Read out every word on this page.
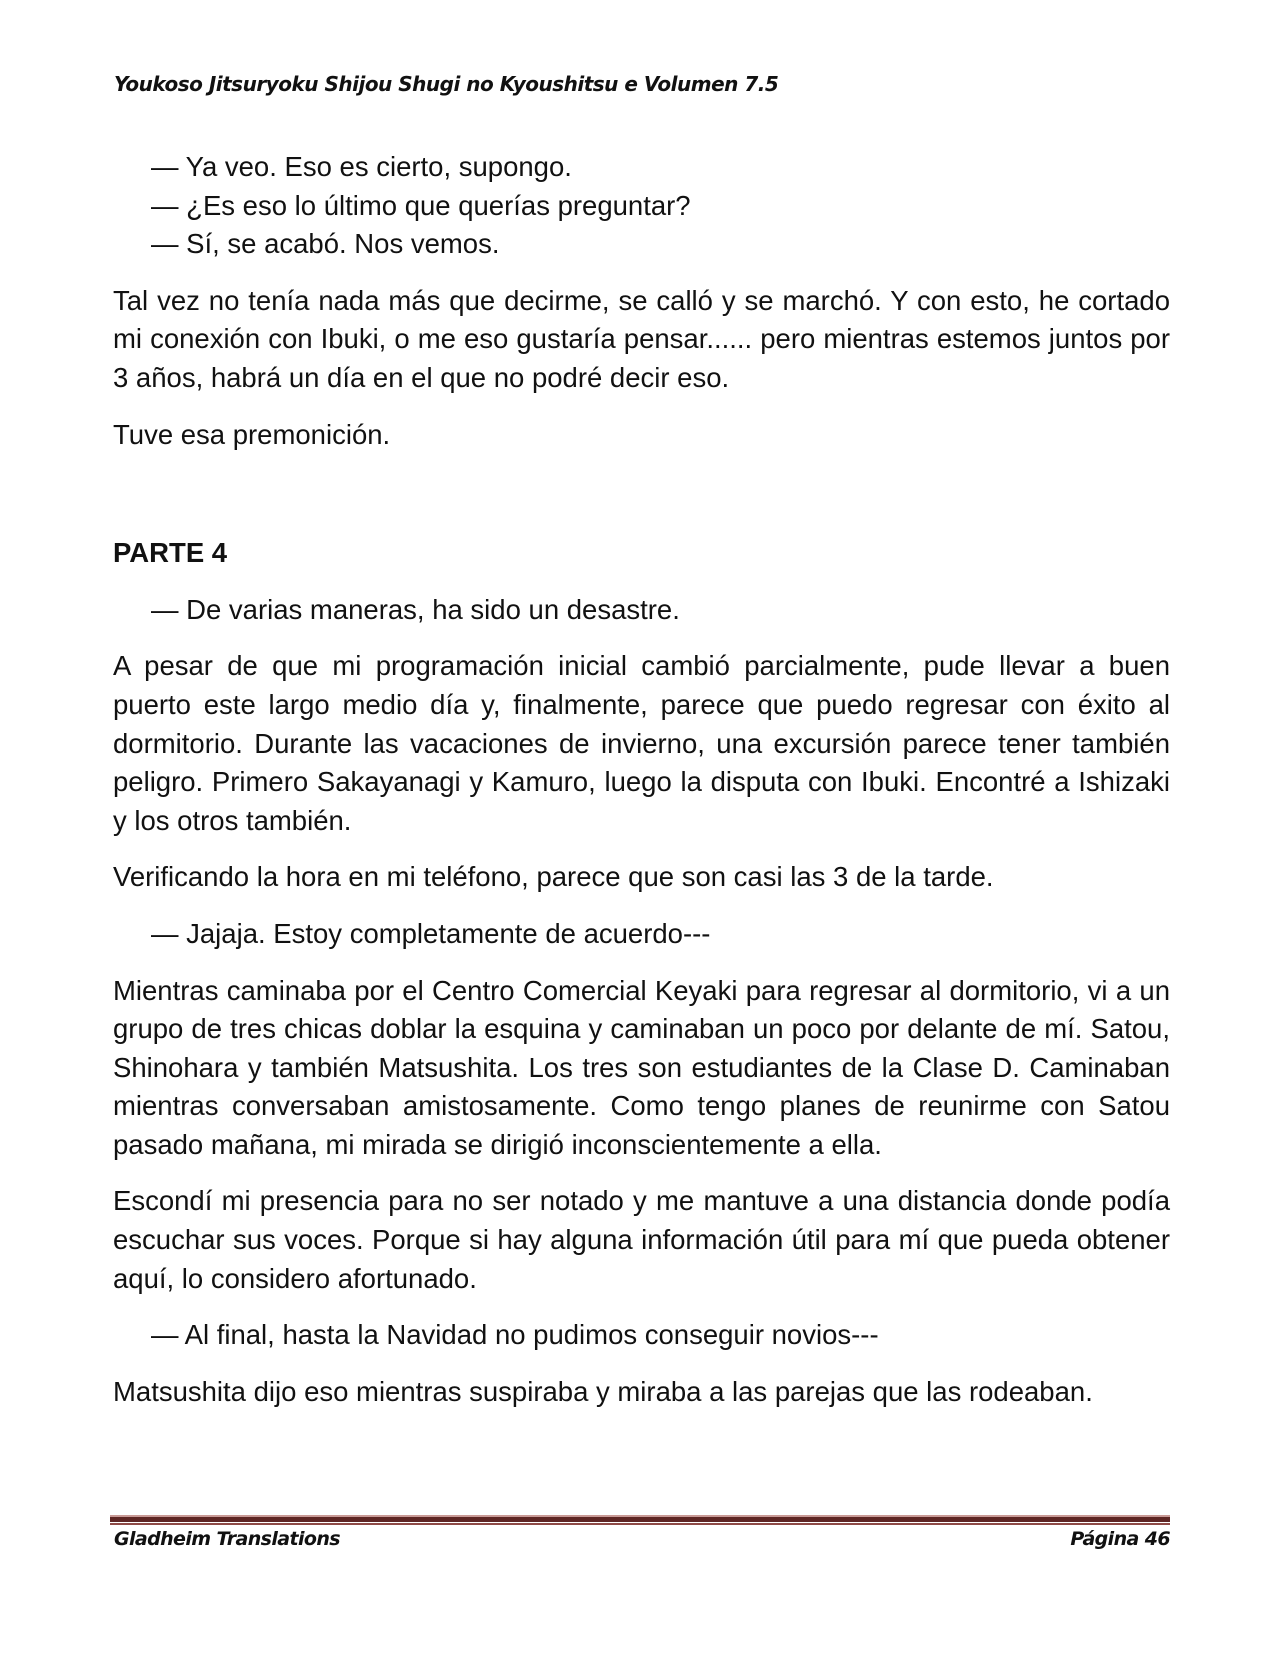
Youkoso Jitsuryoku Shijou Shugi no Kyoushitsu e Volumen 7.5

— Ya veo. Eso es cierto, supongo.

— ¿Es eso lo último que querías preguntar?

— Sí, se acabó. Nos vemos.

Tal vez no tenía nada más que decirme, se calló y se marchó. Y con esto, he cortado mi conexión con Ibuki, o me eso gustaría pensar...... pero mientras estemos juntos por 3 años, habrá un día en el que no podré decir eso.

Tuve esa premonición.

PARTE 4

— De varias maneras, ha sido un desastre.

A pesar de que mi programación inicial cambió parcialmente, pude llevar a buen puerto este largo medio día y, finalmente, parece que puedo regresar con éxito al dormitorio. Durante las vacaciones de invierno, una excursión parece tener también peligro. Primero Sakayanagi y Kamuro, luego la disputa con Ibuki. Encontré a Ishizaki y los otros también.

Verificando la hora en mi teléfono, parece que son casi las 3 de la tarde.

— Jajaja. Estoy completamente de acuerdo---

Mientras caminaba por el Centro Comercial Keyaki para regresar al dormitorio, vi a un grupo de tres chicas doblar la esquina y caminaban un poco por delante de mí. Satou, Shinohara y también Matsushita. Los tres son estudiantes de la Clase D. Caminaban mientras conversaban amistosamente. Como tengo planes de reunirme con Satou pasado mañana, mi mirada se dirigió inconscientemente a ella.

Escondí mi presencia para no ser notado y me mantuve a una distancia donde podía escuchar sus voces. Porque si hay alguna información útil para mí que pueda obtener aquí, lo considero afortunado.

— Al final, hasta la Navidad no pudimos conseguir novios---

Matsushita dijo eso mientras suspiraba y miraba a las parejas que las rodeaban.

Gladheim Translations	Página 46
